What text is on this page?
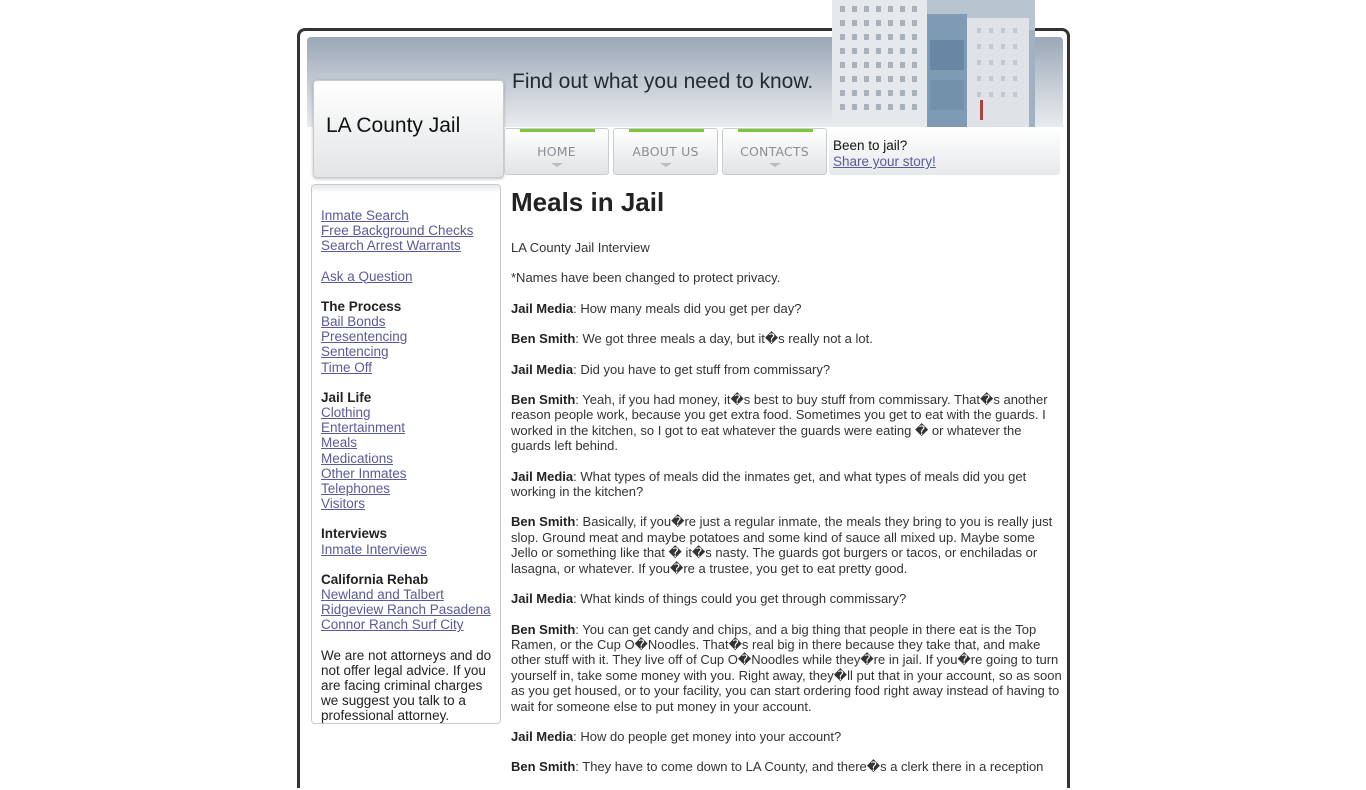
Find out what you need to know.
LA County Jail
HOME	ABOUT US	CONTACTS	Been to jail?
Share your story!
Inmate Search
Free Background Checks
Search Arrest Warrants
Ask a Question
The Process
Bail Bonds
Presentencing
Sentencing
Time Off
Jail Life
Clothing
Entertainment
Meals
Medications
Other Inmates
Telephones
Visitors
Interviews
Inmate Interviews
California Rehab
Newland and Talbert
Ridgeview Ranch Pasadena
Connor Ranch Surf City
We are not attorneys and do not offer legal advice. If you are facing criminal charges we suggest you talk to a professional attorney.
Meals in Jail

LA County Jail Interview

*Names have been changed to protect privacy.

Jail Media: How many meals did you get per day?

Ben Smith: We got three meals a day, but it�s really not a lot.

Jail Media: Did you have to get stuff from commissary?

Ben Smith: Yeah, if you had money, it�s best to buy stuff from commissary. That�s another reason people work, because you get extra food. Sometimes you get to eat with the guards. I worked in the kitchen, so I got to eat whatever the guards were eating � or whatever the guards left behind.

Jail Media: What types of meals did the inmates get, and what types of meals did you get working in the kitchen?

Ben Smith: Basically, if you�re just a regular inmate, the meals they bring to you is really just slop. Ground meat and maybe potatoes and some kind of sauce all mixed up. Maybe some Jello or something like that � it�s nasty. The guards got burgers or tacos, or enchiladas or lasagna, or whatever. If you�re a trustee, you get to eat pretty good.

Jail Media: What kinds of things could you get through commissary?

Ben Smith: You can get candy and chips, and a big thing that people in there eat is the Top Ramen, or the Cup O�Noodles. That�s real big in there because they take that, and make other stuff with it. They live off of Cup O�Noodles while they�re in jail. If you�re going to turn yourself in, take some money with you. Right away, they�ll put that in your account, so as soon as you get housed, or to your facility, you can start ordering food right away instead of having to wait for someone else to put money in your account.

Jail Media: How do people get money into your account?

Ben Smith: They have to come down to LA County, and there�s a clerk there in a reception
